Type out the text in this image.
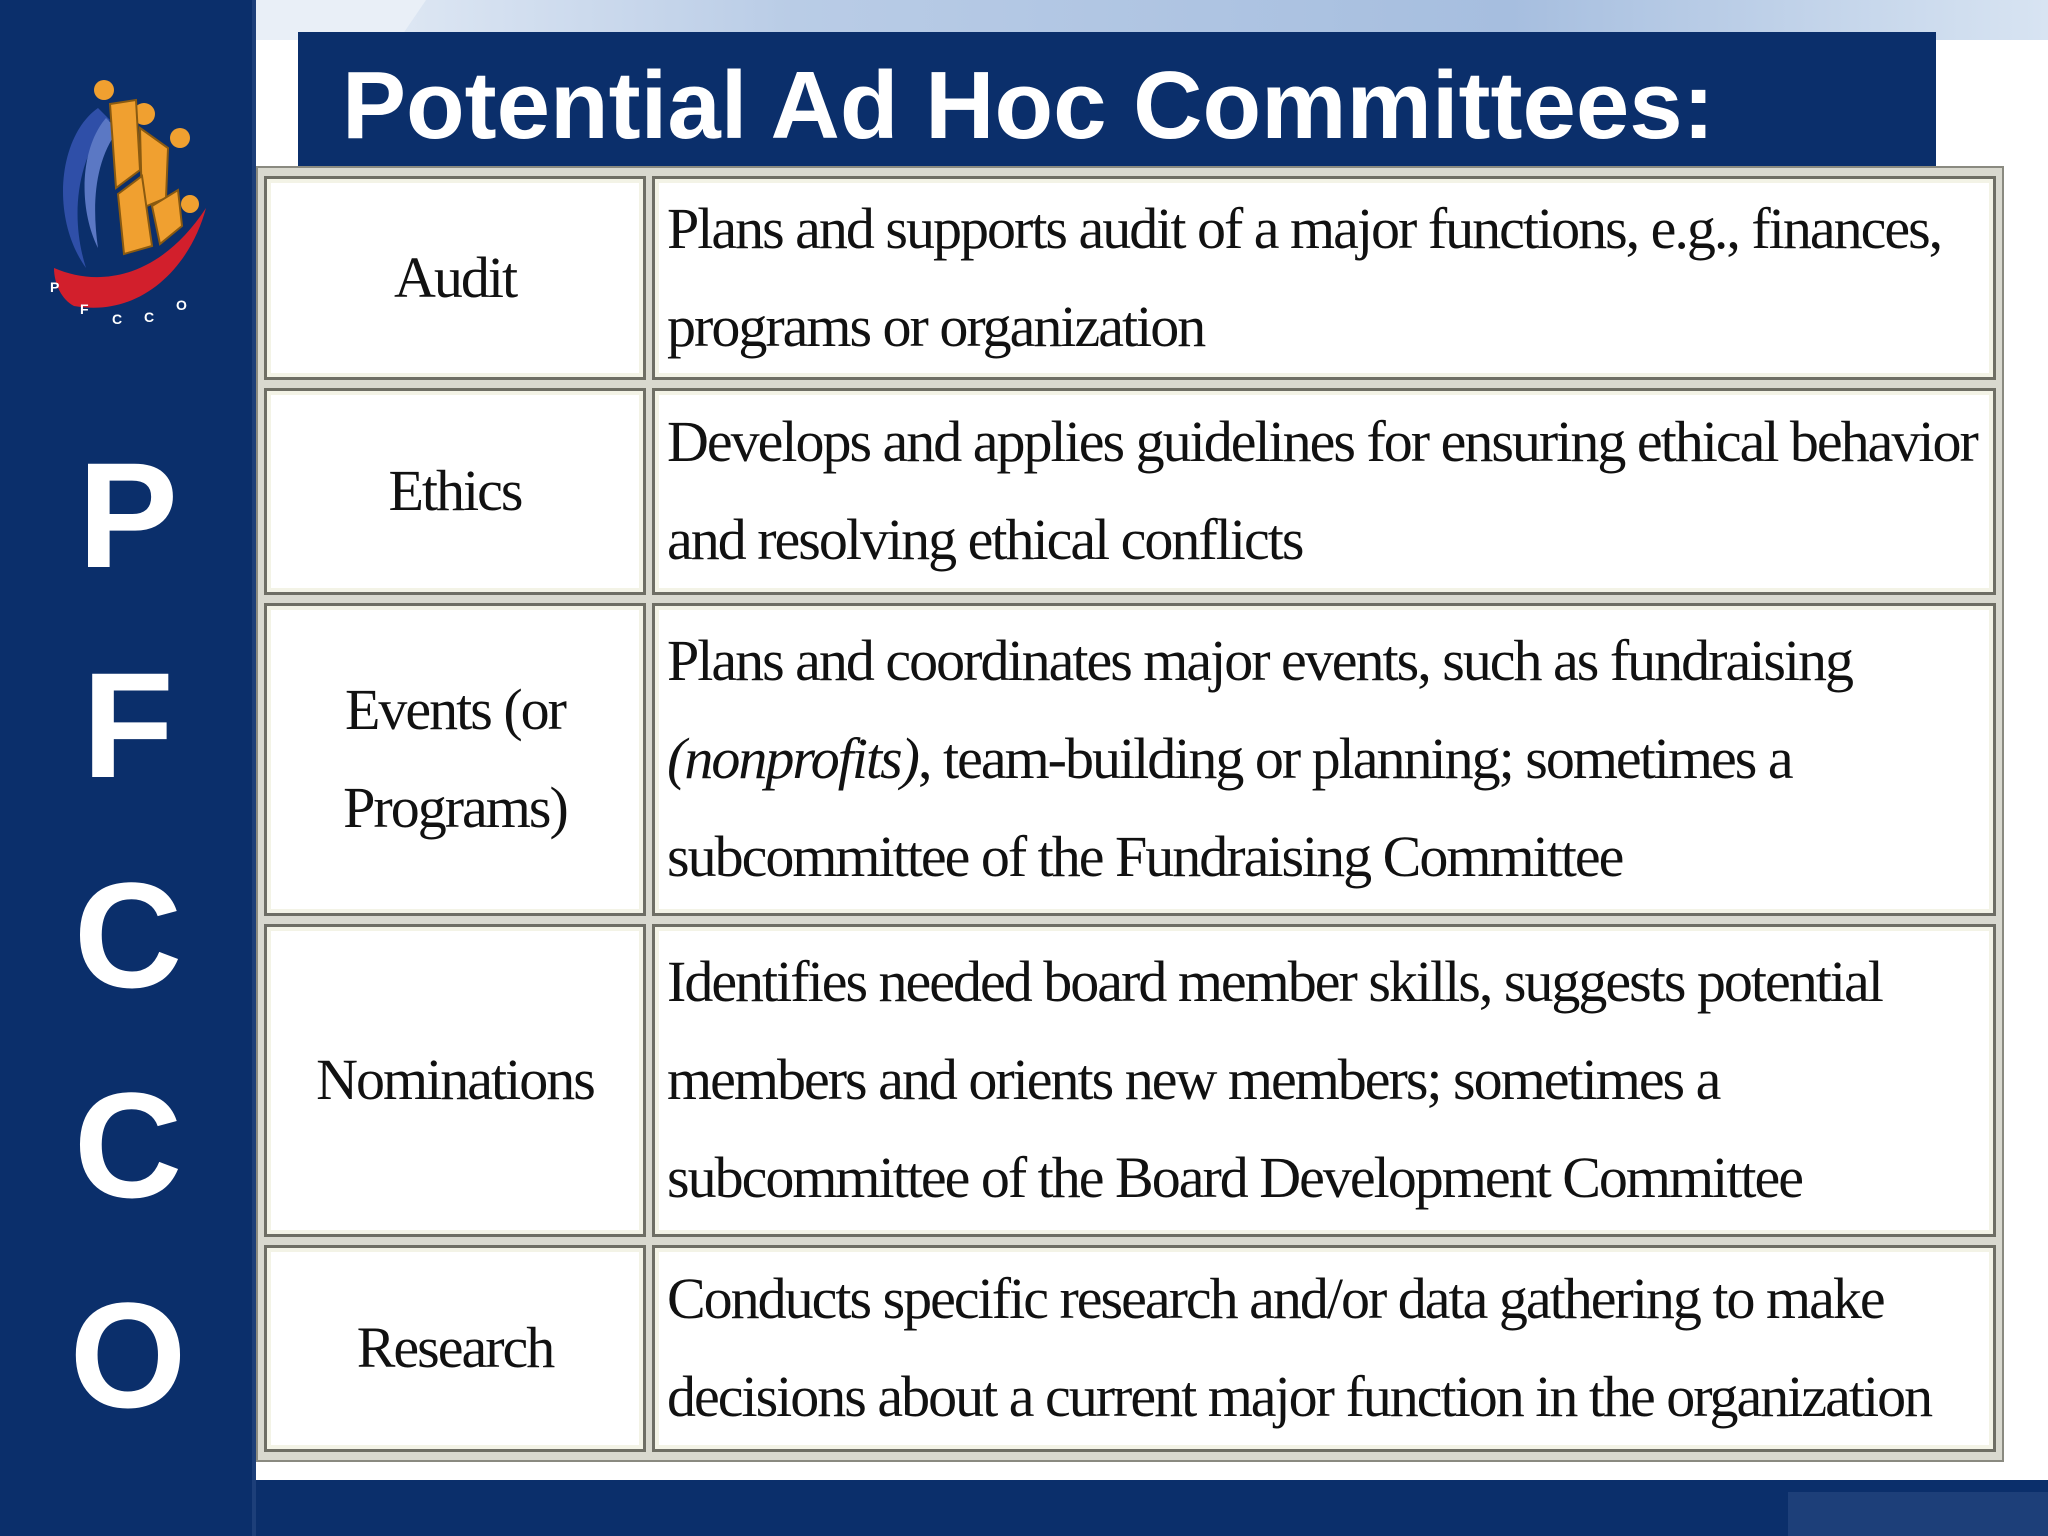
P
F
C C
O
P
F
C
C
O
Potential Ad Hoc Committees:
Audit	Plans and supports audit of a major functions, e.g., finances, programs or organization
Ethics	Develops and applies guidelines for ensuring ethical behavior and resolving ethical conflicts
Events (or Programs)	Plans and coordinates major events, such as fundraising (nonprofits), team-building or planning; sometimes a subcommittee of the Fundraising Committee
Nominations	Identifies needed board member skills, suggests potential members and orients new members; sometimes a subcommittee of the Board Development Committee
Research	Conducts specific research and/or data gathering to make decisions about a current major function in the organization
